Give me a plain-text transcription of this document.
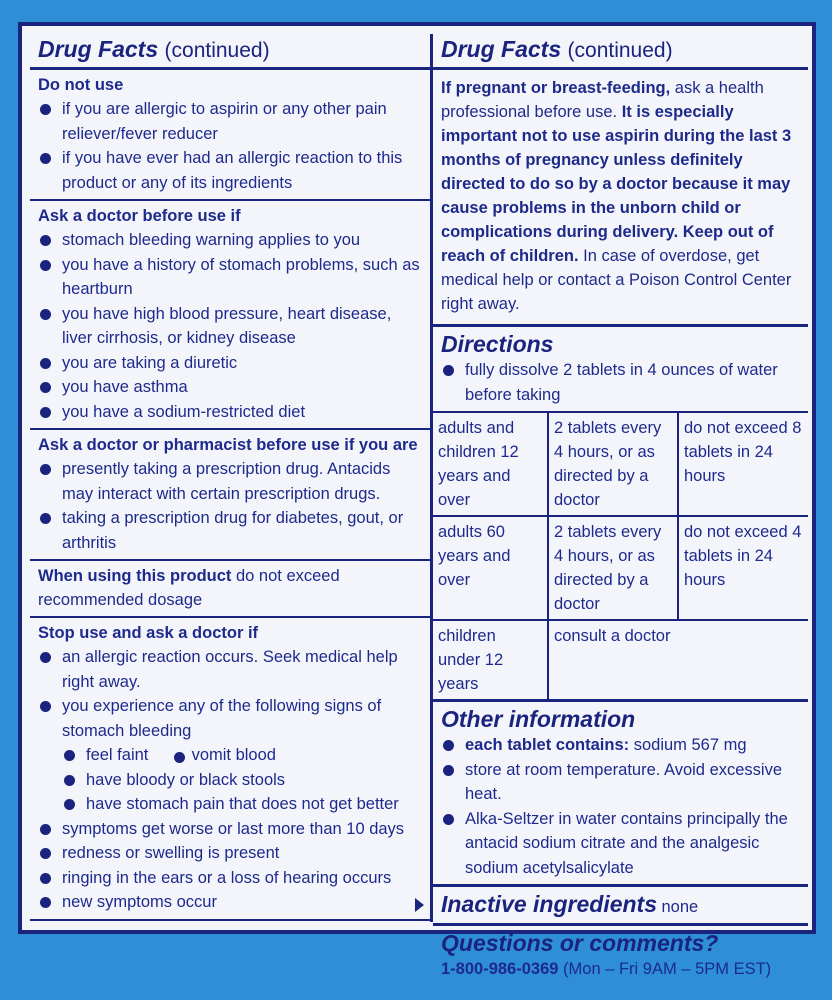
Drug Facts (continued)
Do not use
if you are allergic to aspirin or any other pain reliever/fever reducer
if you have ever had an allergic reaction to this product or any of its ingredients
Ask a doctor before use if
stomach bleeding warning applies to you
you have a history of stomach problems, such as heartburn
you have high blood pressure, heart disease, liver cirrhosis, or kidney disease
you are taking a diuretic
you have asthma
you have a sodium-restricted diet
Ask a doctor or pharmacist before use if you are
presently taking a prescription drug. Antacids may interact with certain prescription drugs.
taking a prescription drug for diabetes, gout, or arthritis
When using this product do not exceed recommended dosage
Stop use and ask a doctor if
an allergic reaction occurs. Seek medical help right away.
you experience any of the following signs of stomach bleeding
feel faint	vomit blood
have bloody or black stools
have stomach pain that does not get better
symptoms get worse or last more than 10 days
redness or swelling is present
ringing in the ears or a loss of hearing occurs
new symptoms occur
Drug Facts (continued)
If pregnant or breast-feeding, ask a health professional before use. It is especially important not to use aspirin during the last 3 months of pregnancy unless definitely directed to do so by a doctor because it may cause problems in the unborn child or complications during delivery. Keep out of reach of children. In case of overdose, get medical help or contact a Poison Control Center right away.
Directions
fully dissolve 2 tablets in 4 ounces of water before taking
adults and children 12 years and over	2 tablets every 4 hours, or as directed by a doctor	do not exceed 8 tablets in 24 hours
adults 60 years and over	2 tablets every 4 hours, or as directed by a doctor	do not exceed 4 tablets in 24 hours
children under 12 years	consult a doctor	
Other information
each tablet contains: sodium 567 mg
store at room temperature. Avoid excessive heat.
Alka-Seltzer in water contains principally the antacid sodium citrate and the analgesic sodium acetylsalicylate
Inactive ingredients none
Questions or comments?
1-800-986-0369 (Mon – Fri 9AM – 5PM EST)
